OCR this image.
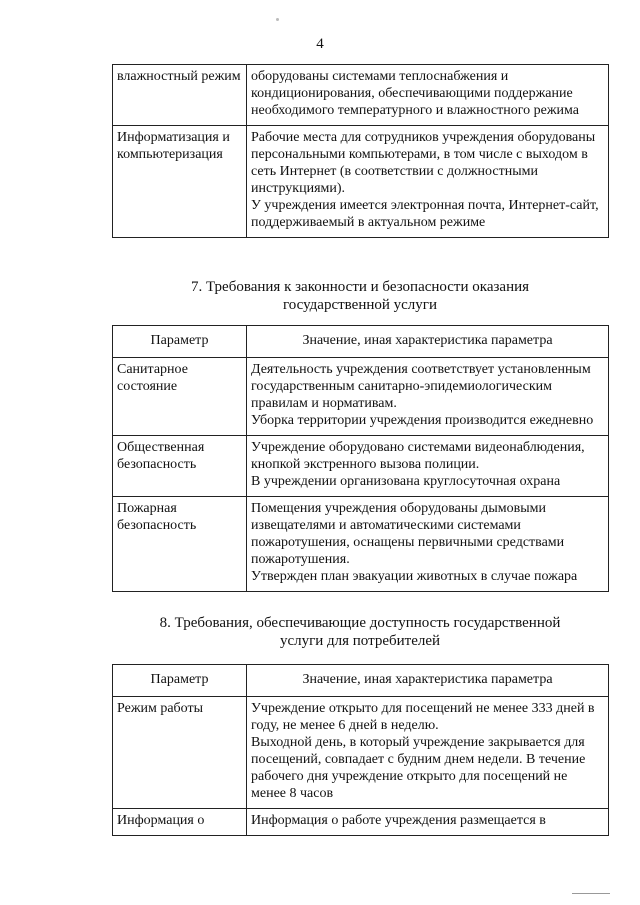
4
влажностный режим	оборудованы системами теплоснабжения и кондиционирования, обеспечивающими поддержание необходимого температурного и влажностного режима

Информатизация и компьютеризация	Рабочие места для сотрудников учреждения оборудованы персональными компьютерами, в том числе с выходом в сеть Интернет (в соответствии с должностными инструкциями).
У учреждения имеется электронная почта, Интернет-сайт, поддерживаемый в актуальном режиме
7. Требования к законности и безопасности оказания
государственной услуги
Параметр	Значение, иная характеристика параметра
Санитарное состояние	Деятельность учреждения соответствует установленным государственным санитарно-эпидемиологическим правилам и нормативам.
Уборка территории учреждения производится ежедневно

Общественная безопасность	Учреждение оборудовано системами видеонаблюдения, кнопкой экстренного вызова полиции.
В учреждении организована круглосуточная охрана

Пожарная безопасность	Помещения учреждения оборудованы дымовыми извещателями и автоматическими системами пожаротушения, оснащены первичными средствами пожаротушения.
Утвержден план эвакуации животных в случае пожара
8. Требования, обеспечивающие доступность государственной
услуги для потребителей
Параметр	Значение, иная характеристика параметра
Режим работы	Учреждение открыто для посещений не менее 333 дней в году, не менее 6 дней в неделю.
Выходной день, в который учреждение закрывается для посещений, совпадает с будним днем недели. В течение рабочего дня учреждение открыто для посещений не менее 8 часов

Информация о	Информация о работе учреждения размещается в
